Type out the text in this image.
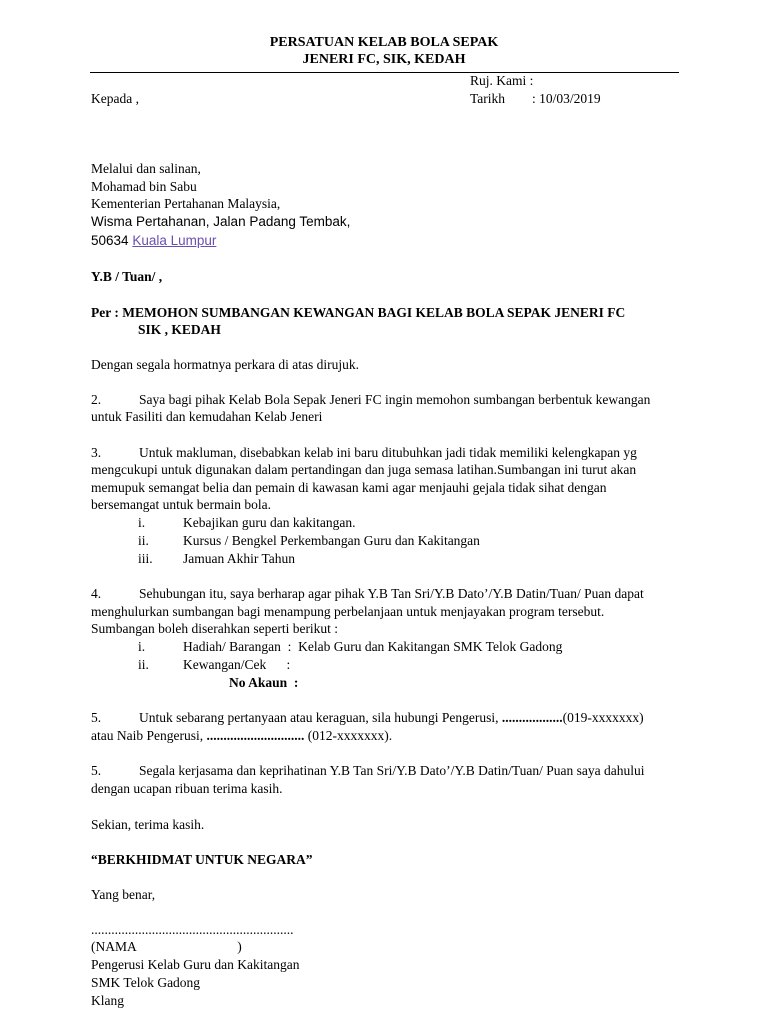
PERSATUAN KELAB BOLA SEPAK
JENERI FC, SIK, KEDAH
Ruj. Kami :
Kepada ,	Tarikh : 10/03/2019
Melalui dan salinan,
Mohamad bin Sabu
Kementerian Pertahanan Malaysia,
Wisma Pertahanan, Jalan Padang Tembak,
50634 Kuala Lumpur
Y.B / Tuan/ ,
Per : MEMOHON SUMBANGAN KEWANGAN BAGI KELAB BOLA SEPAK JENERI FC
SIK , KEDAH
Dengan segala hormatnya perkara di atas dirujuk.
2.	Saya bagi pihak Kelab Bola Sepak Jeneri FC ingin memohon sumbangan berbentuk kewangan
untuk Fasiliti dan kemudahan Kelab Jeneri
3.	Untuk makluman, disebabkan kelab ini baru ditubuhkan jadi tidak memiliki kelengkapan yg
mengcukupi untuk digunakan dalam pertandingan dan juga semasa latihan.Sumbangan ini turut akan
memupuk semangat belia dan pemain di kawasan kami agar menjauhi gejala tidak sihat dengan
bersemangat untuk bermain bola.
i.	Kebajikan guru dan kakitangan.
ii.	Kursus / Bengkel Perkembangan Guru dan Kakitangan
iii. Jamuan Akhir Tahun
4.	Sehubungan itu, saya berharap agar pihak Y.B Tan Sri/Y.B Dato’/Y.B Datin/Tuan/ Puan dapat
menghulurkan sumbangan bagi menampung perbelanjaan untuk menjayakan program tersebut.
Sumbangan boleh diserahkan seperti berikut :
i.	Hadiah/ Barangan  :  Kelab Guru dan Kakitangan SMK Telok Gadong
ii.	Kewangan/Cek      :
No Akaun  :
5.	Untuk sebarang pertanyaan atau keraguan, sila hubungi Pengerusi, ..................(019-xxxxxxx)
atau Naib Pengerusi, ............................. (012-xxxxxxx).
5.	Segala kerjasama dan keprihatinan Y.B Tan Sri/Y.B Dato’/Y.B Datin/Tuan/ Puan saya dahului
dengan ucapan ribuan terima kasih.
Sekian, terima kasih.
“BERKHIDMAT UNTUK NEGARA”
Yang benar,
............................................................
(NAMA                              )
Pengerusi Kelab Guru dan Kakitangan
SMK Telok Gadong
Klang
